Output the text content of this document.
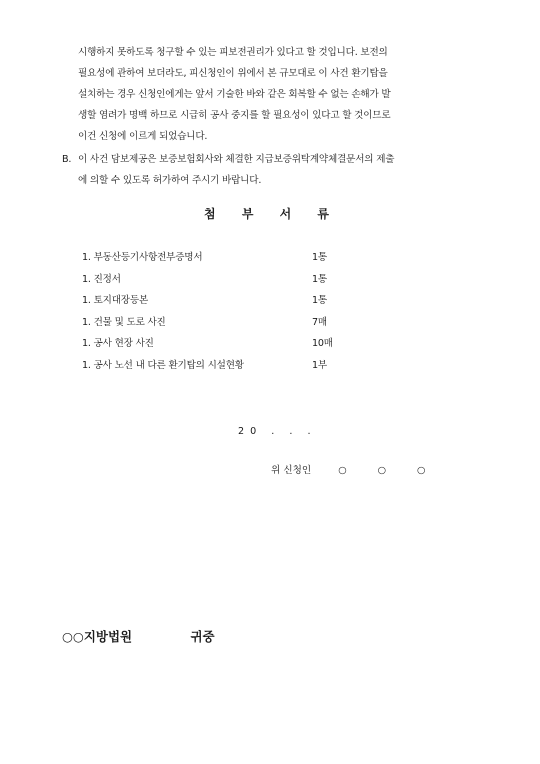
시행하지 못하도록 청구할 수 있는 피보전권리가 있다고 할 것입니다. 보전의
필요성에 관하여 보더라도, 피신청인이 위에서 본 규모대로 이 사건 환기탑을
설치하는 경우 신청인에게는 앞서 기술한 바와 같은 회복할 수 없는 손해가 발
생할 염려가 명백 하므로 시급히 공사 중지를 할 필요성이 있다고 할 것이므로
이건 신청에 이르게 되었습니다.
B. 이 사건 담보제공은 보증보험회사와 체결한 지급보증위탁계약체결문서의 제출
에 의할 수 있도록 허가하여 주시기 바랍니다.
첨 부 서 류
1. 부동산등기사항전부증명서	1통
1. 진정서	1통
1. 토지대장등본	1통
1. 건물 및 도로 사진	7매
1. 공사 현장 사진	10매
1. 공사 노선 내 다른 환기탑의 시설현황	1부
20 . . .
위 신청인	○ ○ ○
○○지방법원	귀중
